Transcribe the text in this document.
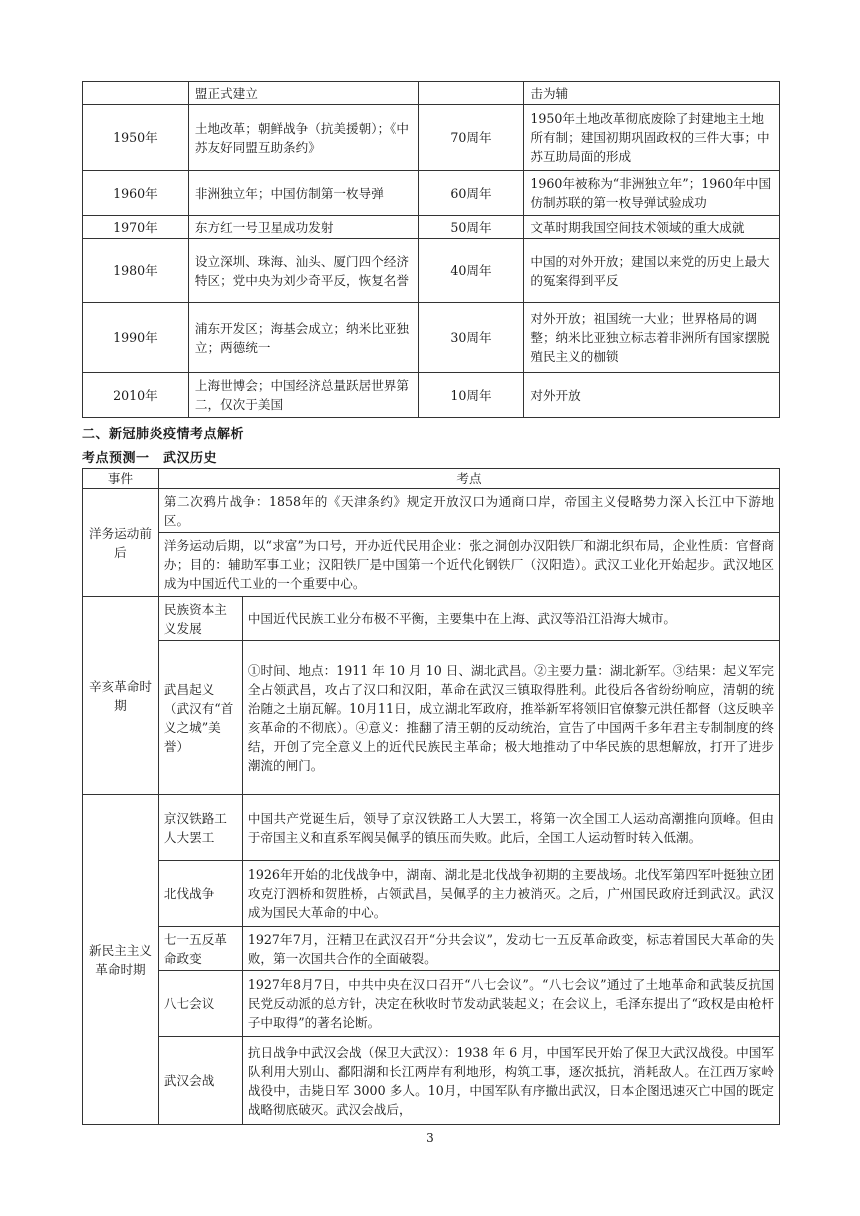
	盟正式建立		击为辅
1950年	土地改革；朝鲜战争（抗美援朝）；《中苏友好同盟互助条约》	70周年	1950年土地改革彻底废除了封建地主土地所有制；建国初期巩固政权的三件大事；中苏互助局面的形成
1960年	非洲独立年；中国仿制第一枚导弹	60周年	1960年被称为“非洲独立年”；1960年中国仿制苏联的第一枚导弹试验成功
1970年	东方红一号卫星成功发射	50周年	文革时期我国空间技术领域的重大成就
1980年	设立深圳、珠海、汕头、厦门四个经济特区；党中央为刘少奇平反，恢复名誉	40周年	中国的对外开放；建国以来党的历史上最大的冤案得到平反
1990年	浦东开发区；海基会成立；纳米比亚独立；两德统一	30周年	对外开放；祖国统一大业；世界格局的调整；纳米比亚独立标志着非洲所有国家摆脱殖民主义的枷锁
2010年	上海世博会；中国经济总量跃居世界第二，仅次于美国	10周年	对外开放
二、新冠肺炎疫情考点解析
考点预测一　武汉历史
事件	考点	
洋务运动前后	第二次鸦片战争：1858年的《天津条约》规定开放汉口为通商口岸，帝国主义侵略势力深入长江中下游地区。	
	洋务运动后期，以“求富”为口号，开办近代民用企业：张之洞创办汉阳铁厂和湖北织布局，企业性质：官督商办；目的：辅助军事工业；汉阳铁厂是中国第一个近代化钢铁厂（汉阳造）。武汉工业化开始起步。武汉地区成为中国近代工业的一个重要中心。	
辛亥革命时期	民族资本主义发展	中国近代民族工业分布极不平衡，主要集中在上海、武汉等沿江沿海大城市。
	武昌起义（武汉有“首义之城”美誉）	①时间、地点：1911 年 10 月 10 日、湖北武昌。②主要力量：湖北新军。③结果：起义军完全占领武昌，攻占了汉口和汉阳，革命在武汉三镇取得胜利。此役后各省纷纷响应，清朝的统治随之土崩瓦解。10月11日，成立湖北军政府，推举新军将领旧官僚黎元洪任都督（这反映辛亥革命的不彻底）。④意义：推翻了清王朝的反动统治，宣告了中国两千多年君主专制制度的终结，开创了完全意义上的近代民族民主革命；极大地推动了中华民族的思想解放，打开了进步潮流的闸门。
新民主主义革命时期	京汉铁路工人大罢工	中国共产党诞生后，领导了京汉铁路工人大罢工，将第一次全国工人运动高潮推向顶峰。但由于帝国主义和直系军阀吴佩孚的镇压而失败。此后，全国工人运动暂时转入低潮。
	北伐战争	1926年开始的北伐战争中，湖南、湖北是北伐战争初期的主要战场。北伐军第四军叶挺独立团攻克汀泗桥和贺胜桥，占领武昌，吴佩孚的主力被消灭。之后，广州国民政府迁到武汉。武汉成为国民大革命的中心。
	七一五反革命政变	1927年7月，汪精卫在武汉召开“分共会议”，发动七一五反革命政变，标志着国民大革命的失败，第一次国共合作的全面破裂。
	八七会议	1927年8月7日，中共中央在汉口召开“八七会议”。“八七会议”通过了土地革命和武装反抗国民党反动派的总方针，决定在秋收时节发动武装起义；在会议上，毛泽东提出了“政权是由枪杆子中取得”的著名论断。
	武汉会战	抗日战争中武汉会战（保卫大武汉）：1938 年 6 月，中国军民开始了保卫大武汉战役。中国军队利用大别山、鄱阳湖和长江两岸有利地形，构筑工事，逐次抵抗，消耗敌人。在江西万家岭战役中，击毙日军 3000 多人。10月，中国军队有序撤出武汉，日本企图迅速灭亡中国的既定战略彻底破灭。武汉会战后，
3
